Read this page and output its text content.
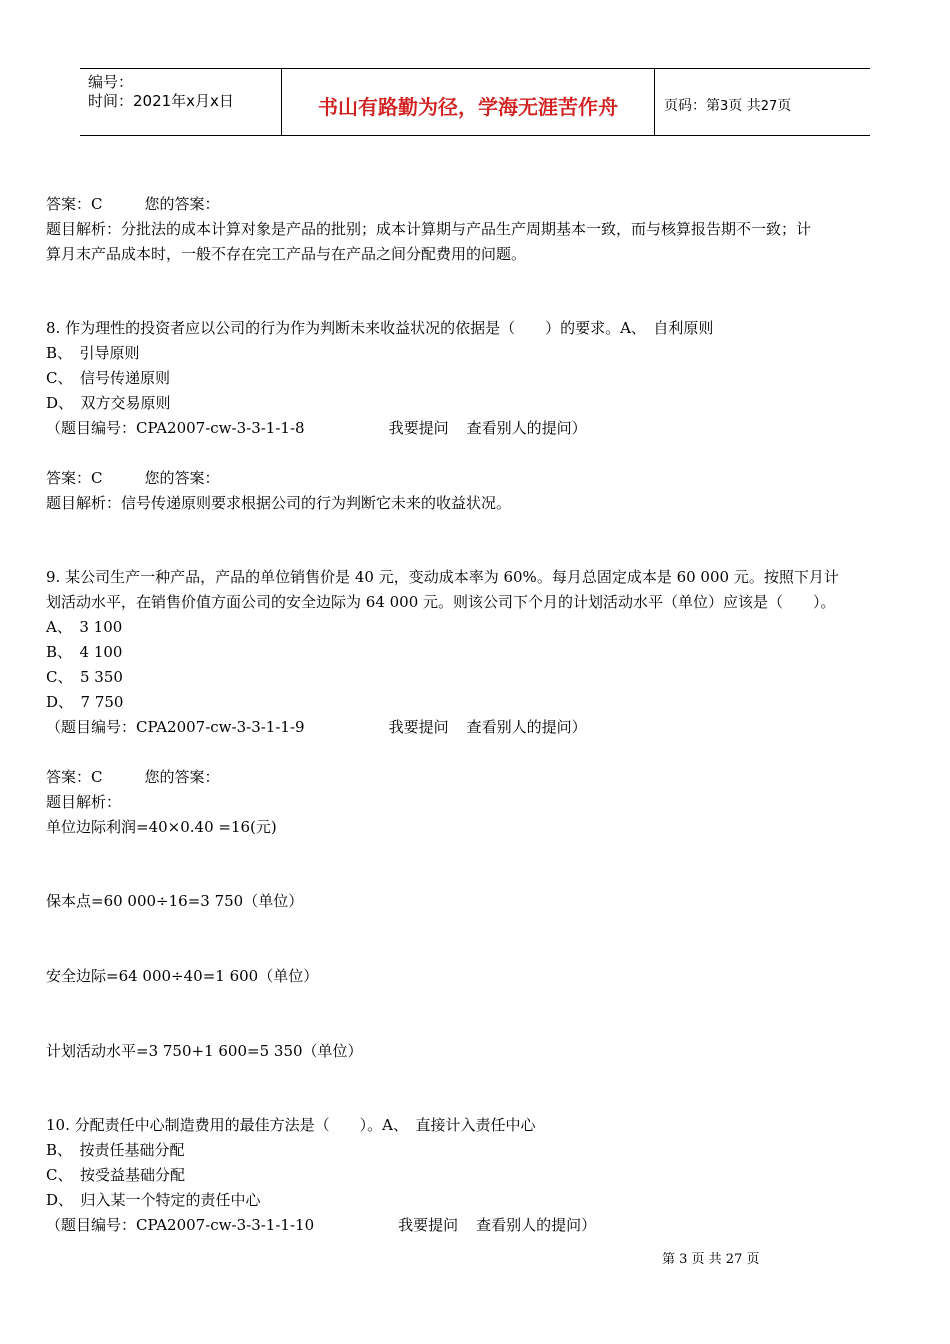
编号：
时间：2021年x月x日	书山有路勤为径，学海无涯苦作舟	页码：第3页 共27页
答案：C	您的答案：
题目解析：分批法的成本计算对象是产品的批别；成本计算期与产品生产周期基本一致，而与核算报告期不一致；计
算月末产品成本时，一般不存在完工产品与在产品之间分配费用的问题。
8. 作为理性的投资者应以公司的行为作为判断未来收益状况的依据是（　　）的要求。A、　自利原则
B、　引导原则
C、　信号传递原则
D、　双方交易原则
（题目编号：CPA2007-cw-3-3-1-1-8	我要提问 查看别人的提问）
答案：C	您的答案：
题目解析：信号传递原则要求根据公司的行为判断它未来的收益状况。
9. 某公司生产一种产品，产品的单位销售价是 40 元，变动成本率为 60%。每月总固定成本是 60 000 元。按照下月计
划活动水平，在销售价值方面公司的安全边际为 64 000 元。则该公司下个月的计划活动水平（单位）应该是（　　）。
A、　3 100
B、　4 100
C、　5 350
D、　7 750
（题目编号：CPA2007-cw-3-3-1-1-9	我要提问 查看别人的提问）
答案：C	您的答案：
题目解析：
单位边际利润=40×0.40 =16(元)
保本点=60 000÷16=3 750（单位）
安全边际=64 000÷40=1 600（单位）
计划活动水平=3 750+1 600=5 350（单位）
10. 分配责任中心制造费用的最佳方法是（　　）。A、　直接计入责任中心
B、　按责任基础分配
C、　按受益基础分配
D、　归入某一个特定的责任中心
（题目编号：CPA2007-cw-3-3-1-1-10	我要提问 查看别人的提问）
第 3 页 共 27 页
